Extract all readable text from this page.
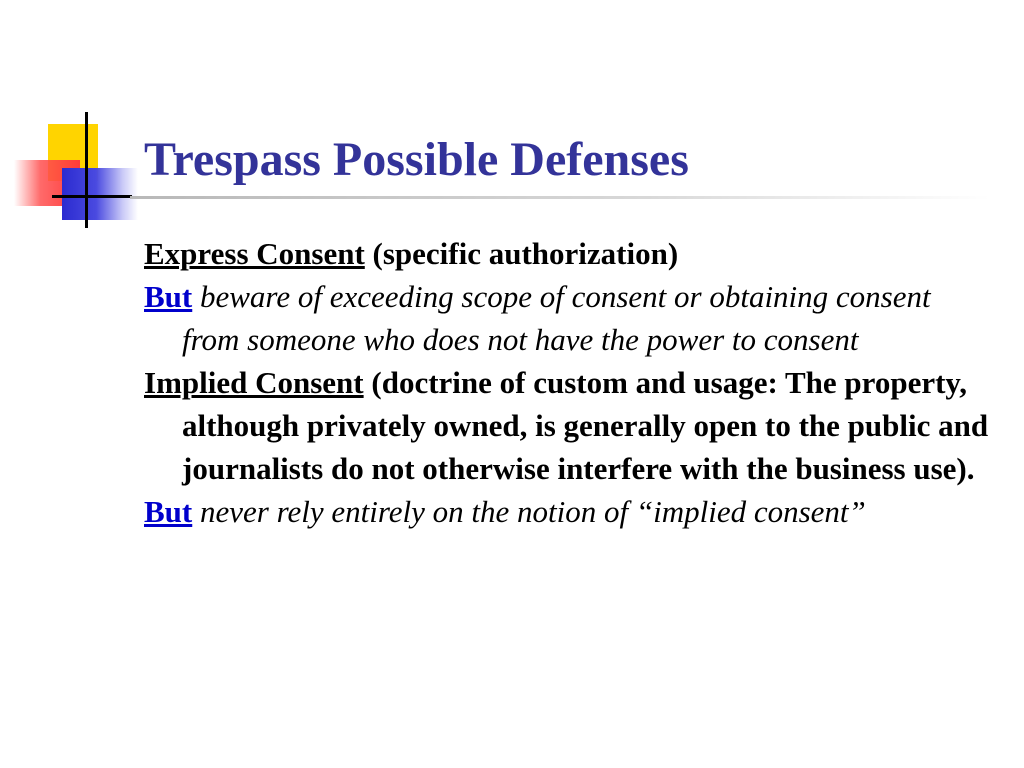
Trespass Possible Defenses

Express Consent (specific authorization)

But beware of exceeding scope of consent or obtaining consent from someone who does not have the power to consent

Implied Consent (doctrine of custom and usage: The property, although privately owned, is generally open to the public and journalists do not otherwise interfere with the business use).

But never rely entirely on the notion of “implied consent”
